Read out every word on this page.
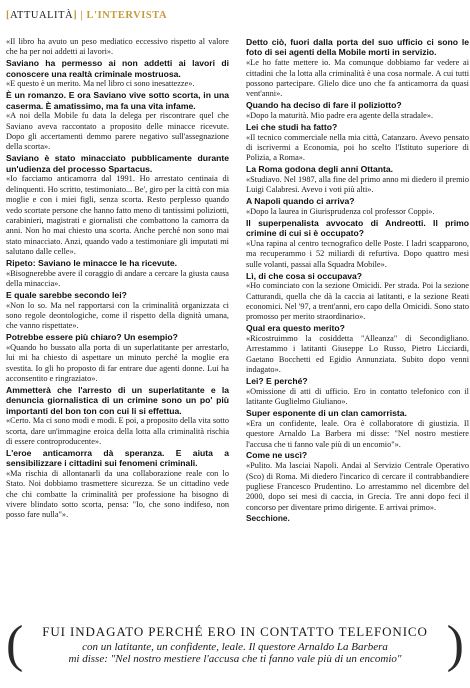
[ATTUALITÀ] | L'INTERVISTA

«Il libro ha avuto un peso mediatico eccessivo rispetto al valore che ha per noi addetti ai lavori».

Saviano ha permesso ai non addetti ai lavori di conoscere una realtà criminale mostruosa.

«E questo è un merito. Ma nel libro ci sono inesattezze».

È un romanzo. E ora Saviano vive sotto scorta, in una caserma. È amatissimo, ma fa una vita infame.

«A noi della Mobile fu data la delega per riscontrare quel che Saviano aveva raccontato a proposito delle minacce ricevute. Dopo gli accertamenti demmo parere negativo sull'assegnazione della scorta».

Saviano è stato minacciato pubblicamente durante un'udienza del processo Spartacus.

«Io facciamo anticamorra dal 1991. Ho arrestato centinaia di delinquenti. Ho scritto, testimoniato... Be', giro per la città con mia moglie e con i miei figli, senza scorta. Resto perplesso quando vedo scortate persone che hanno fatto meno di tantissimi poliziotti, carabinieri, magistrati e giornalisti che combattono la camorra da anni. Non ho mai chiesto una scorta. Anche perché non sono mai stato minacciato. Anzi, quando vado a testimoniare gli imputati mi salutano dalle celle».

Ripeto: Saviano le minacce le ha ricevute.

«Bisognerebbe avere il coraggio di andare a cercare la giusta causa della minaccia».

E quale sarebbe secondo lei?

«Non lo so. Ma nel rapportarsi con la criminalità organizzata ci sono regole deontologiche, come il rispetto della dignità umana, che vanno rispettate».

Potrebbe essere più chiaro? Un esempio?

«Quando ho bussato alla porta di un superlatitante per arrestarlo, lui mi ha chiesto di aspettare un minuto perché la moglie era svestita. Io gli ho proposto di far entrare due agenti donne. Lui ha acconsentito e ringraziato».

Ammetterà che l'arresto di un superlatitante e la denuncia giornalistica di un crimine sono un po' più importanti del bon ton con cui li si effettua.

«Certo. Ma ci sono modi e modi. E poi, a proposito della vita sotto scorta, dare un'immagine eroica della lotta alla criminalità rischia di essere controproducente».

L'eroe anticamorra dà speranza. E aiuta a sensibilizzare i cittadini sui fenomeni criminali.

«Ma rischia di allontanarli da una collaborazione reale con lo Stato. Noi dobbiamo trasmettere sicurezza. Se un cittadino vede che chi combatte la criminalità per professione ha bisogno di vivere blindato sotto scorta, pensa: "Io, che sono indifeso, non posso fare nulla"».

Detto ciò, fuori dalla porta del suo ufficio ci sono le foto di sei agenti della Mobile morti in servizio.

«Le ho fatte mettere io. Ma comunque dobbiamo far vedere ai cittadini che la lotta alla criminalità è una cosa normale. A cui tutti possono partecipare. Glielo dice uno che fa anticamorra da quasi vent'anni».

Quando ha deciso di fare il poliziotto?

«Dopo la maturità. Mio padre era agente della stradale».

Lei che studi ha fatto?

«Il tecnico commerciale nella mia città, Catanzaro. Avevo pensato di iscrivermi a Economia, poi ho scelto l'Istituto superiore di Polizia, a Roma».

La Roma godona degli anni Ottanta.

«Studiavo. Nel 1987, alla fine del primo anno mi diedero il premio Luigi Calabresi. Avevo i voti più alti».

A Napoli quando ci arriva?

«Dopo la laurea in Giurisprudenza col professor Coppi».

Il superpenalista avvocato di Andreotti. Il primo crimine di cui si è occupato?

«Una rapina al centro tecnografico delle Poste. I ladri scapparono, ma recuperammo i 52 miliardi di refurtiva. Dopo quattro mesi sulle volanti, passai alla Squadra Mobile».

Lì, di che cosa si occupava?

«Ho cominciato con la sezione Omicidi. Per strada. Poi la sezione Catturandi, quella che dà la caccia ai latitanti, e la sezione Reati economici. Nel '97, a trent'anni, ero capo della Omicidi. Sono stato promosso per merito straordinario».

Qual era questo merito?

«Ricostruimmo la cosiddetta "Alleanza" di Secondigliano. Arrestammo i latitanti Giuseppe Lo Russo, Pietro Licciardi, Gaetano Bocchetti ed Egidio Annunziata. Subito dopo venni indagato».

Lei? E perché?

«Omissione di atti di ufficio. Ero in contatto telefonico con il latitante Guglielmo Giuliano».

Super esponente di un clan camorrista.

«Era un confidente, leale. Ora è collaboratore di giustizia. Il questore Arnaldo La Barbera mi disse: "Nel nostro mestiere l'accusa che ti fanno vale più di un encomio"».

Come ne uscì?

«Pulito. Ma lasciai Napoli. Andai al Servizio Centrale Operativo (Sco) di Roma. Mi diedero l'incarico di cercare il contrabbandiere pugliese Francesco Prudentino. Lo arrestammo nel dicembre del 2000, dopo sei mesi di caccia, in Grecia. Tre anni dopo feci il concorso per diventare primo dirigente. E arrivai primo».

Secchione.

(	)
FUI INDAGATO PERCHÉ ERO IN CONTATTO TELEFONICO
con un latitante, un confidente, leale. Il questore Arnaldo La Barbera
mi disse: "Nel nostro mestiere l'accusa che ti fanno vale più di un encomio"
